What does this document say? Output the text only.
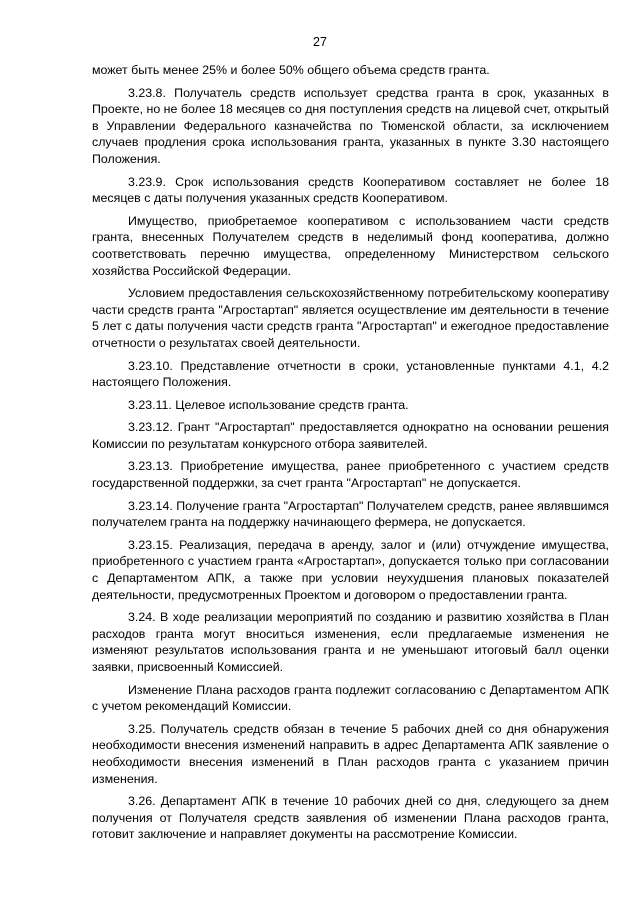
27

может быть менее 25% и более 50% общего объема средств гранта.

3.23.8. Получатель средств использует средства гранта в срок, указанных в Проекте, но не более 18 месяцев со дня поступления средств на лицевой счет, открытый в Управлении Федерального казначейства по Тюменской области, за исключением случаев продления срока использования гранта, указанных в пункте 3.30 настоящего Положения.

3.23.9. Срок использования средств Кооперативом составляет не более 18 месяцев с даты получения указанных средств Кооперативом.

Имущество, приобретаемое кооперативом с использованием части средств гранта, внесенных Получателем средств в неделимый фонд кооператива, должно соответствовать перечню имущества, определенному Министерством сельского хозяйства Российской Федерации.

Условием предоставления сельскохозяйственному потребительскому кооперативу части средств гранта "Агростартап" является осуществление им деятельности в течение 5 лет с даты получения части средств гранта "Агростартап" и ежегодное предоставление отчетности о результатах своей деятельности.

3.23.10. Представление отчетности в сроки, установленные пунктами 4.1, 4.2 настоящего Положения.

3.23.11. Целевое использование средств гранта.

3.23.12. Грант "Агростартап" предоставляется однократно на основании решения Комиссии по результатам конкурсного отбора заявителей.

3.23.13. Приобретение имущества, ранее приобретенного с участием средств государственной поддержки, за счет гранта "Агростартап" не допускается.

3.23.14. Получение гранта "Агростартап" Получателем средств, ранее являвшимся получателем гранта на поддержку начинающего фермера, не допускается.

3.23.15. Реализация, передача в аренду, залог и (или) отчуждение имущества, приобретенного с участием гранта «Агростартап», допускается только при согласовании с Департаментом АПК, а также при условии неухудшения плановых показателей деятельности, предусмотренных Проектом и договором о предоставлении гранта.

3.24. В ходе реализации мероприятий по созданию и развитию хозяйства в План расходов гранта могут вноситься изменения, если предлагаемые изменения не изменяют результатов использования гранта и не уменьшают итоговый балл оценки заявки, присвоенный Комиссией.

Изменение Плана расходов гранта подлежит согласованию с Департаментом АПК с учетом рекомендаций Комиссии.

3.25. Получатель средств обязан в течение 5 рабочих дней со дня обнаружения необходимости внесения изменений направить в адрес Департамента АПК заявление о необходимости внесения изменений в План расходов гранта с указанием причин изменения.

3.26. Департамент АПК в течение 10 рабочих дней со дня, следующего за днем получения от Получателя средств заявления об изменении Плана расходов гранта, готовит заключение и направляет документы на рассмотрение Комиссии.
